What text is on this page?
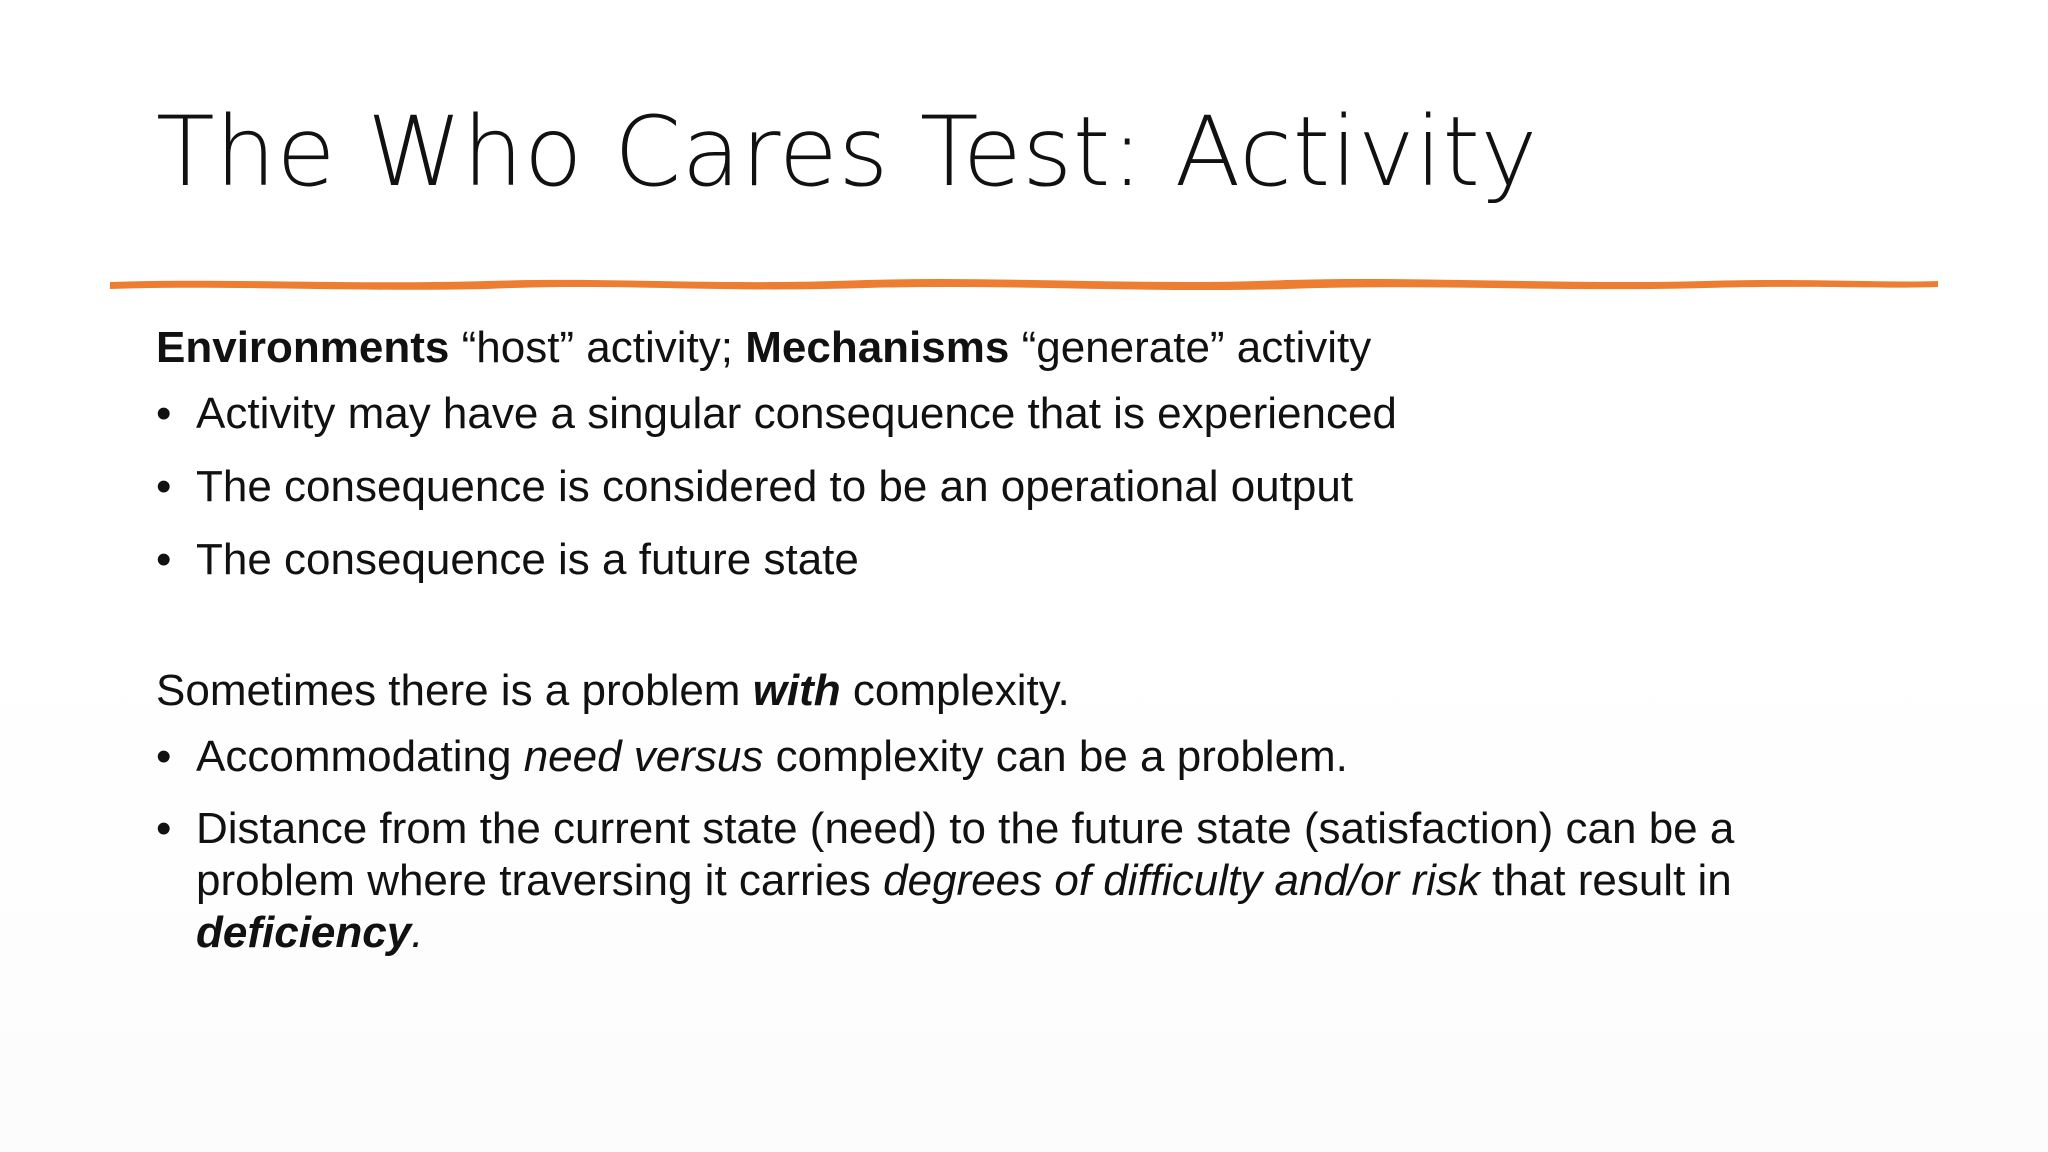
The Who Cares Test: Activity

Environments “host” activity; Mechanisms “generate” activity

• Activity may have a singular consequence that is experienced
• The consequence is considered to be an operational output
• The consequence is a future state

Sometimes there is a problem with complexity.

• Accommodating need versus complexity can be a problem.
• Distance from the current state (need) to the future state (satisfaction) can be a problem where traversing it carries degrees of difficulty and/or risk that result in deficiency.
